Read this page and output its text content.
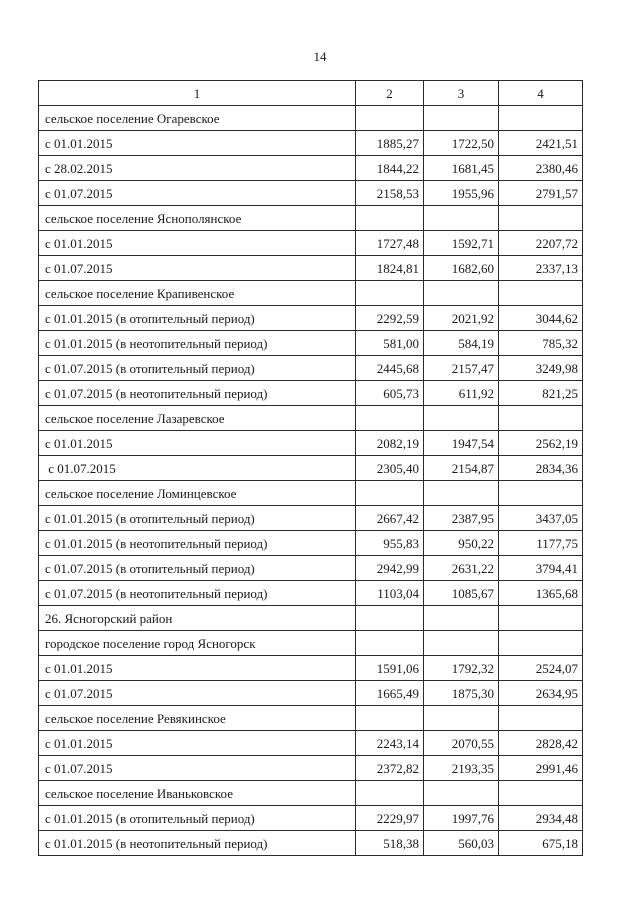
14
1	2	3	4
сельское поселение Огаревское			
с 01.01.2015	1885,27	1722,50	2421,51
с 28.02.2015	1844,22	1681,45	2380,46
с 01.07.2015	2158,53	1955,96	2791,57
сельское поселение Яснополянское			
с 01.01.2015	1727,48	1592,71	2207,72
с 01.07.2015	1824,81	1682,60	2337,13
сельское поселение Крапивенское			
с 01.01.2015 (в отопительный период)	2292,59	2021,92	3044,62
с 01.01.2015 (в неотопительный период)	581,00	584,19	785,32
с 01.07.2015 (в отопительный период)	2445,68	2157,47	3249,98
с 01.07.2015 (в неотопительный период)	605,73	611,92	821,25
сельское поселение Лазаревское			
с 01.01.2015	2082,19	1947,54	2562,19
с 01.07.2015	2305,40	2154,87	2834,36
сельское поселение Ломинцевское			
с 01.01.2015 (в отопительный период)	2667,42	2387,95	3437,05
с 01.01.2015 (в неотопительный период)	955,83	950,22	1177,75
с 01.07.2015 (в отопительный период)	2942,99	2631,22	3794,41
с 01.07.2015 (в неотопительный период)	1103,04	1085,67	1365,68
26. Ясногорский район			
городское поселение город Ясногорск			
с 01.01.2015	1591,06	1792,32	2524,07
с 01.07.2015	1665,49	1875,30	2634,95
сельское поселение Ревякинское			
с 01.01.2015	2243,14	2070,55	2828,42
с 01.07.2015	2372,82	2193,35	2991,46
сельское поселение Иваньковское			
с 01.01.2015 (в отопительный период)	2229,97	1997,76	2934,48
с 01.01.2015 (в неотопительный период)	518,38	560,03	675,18
